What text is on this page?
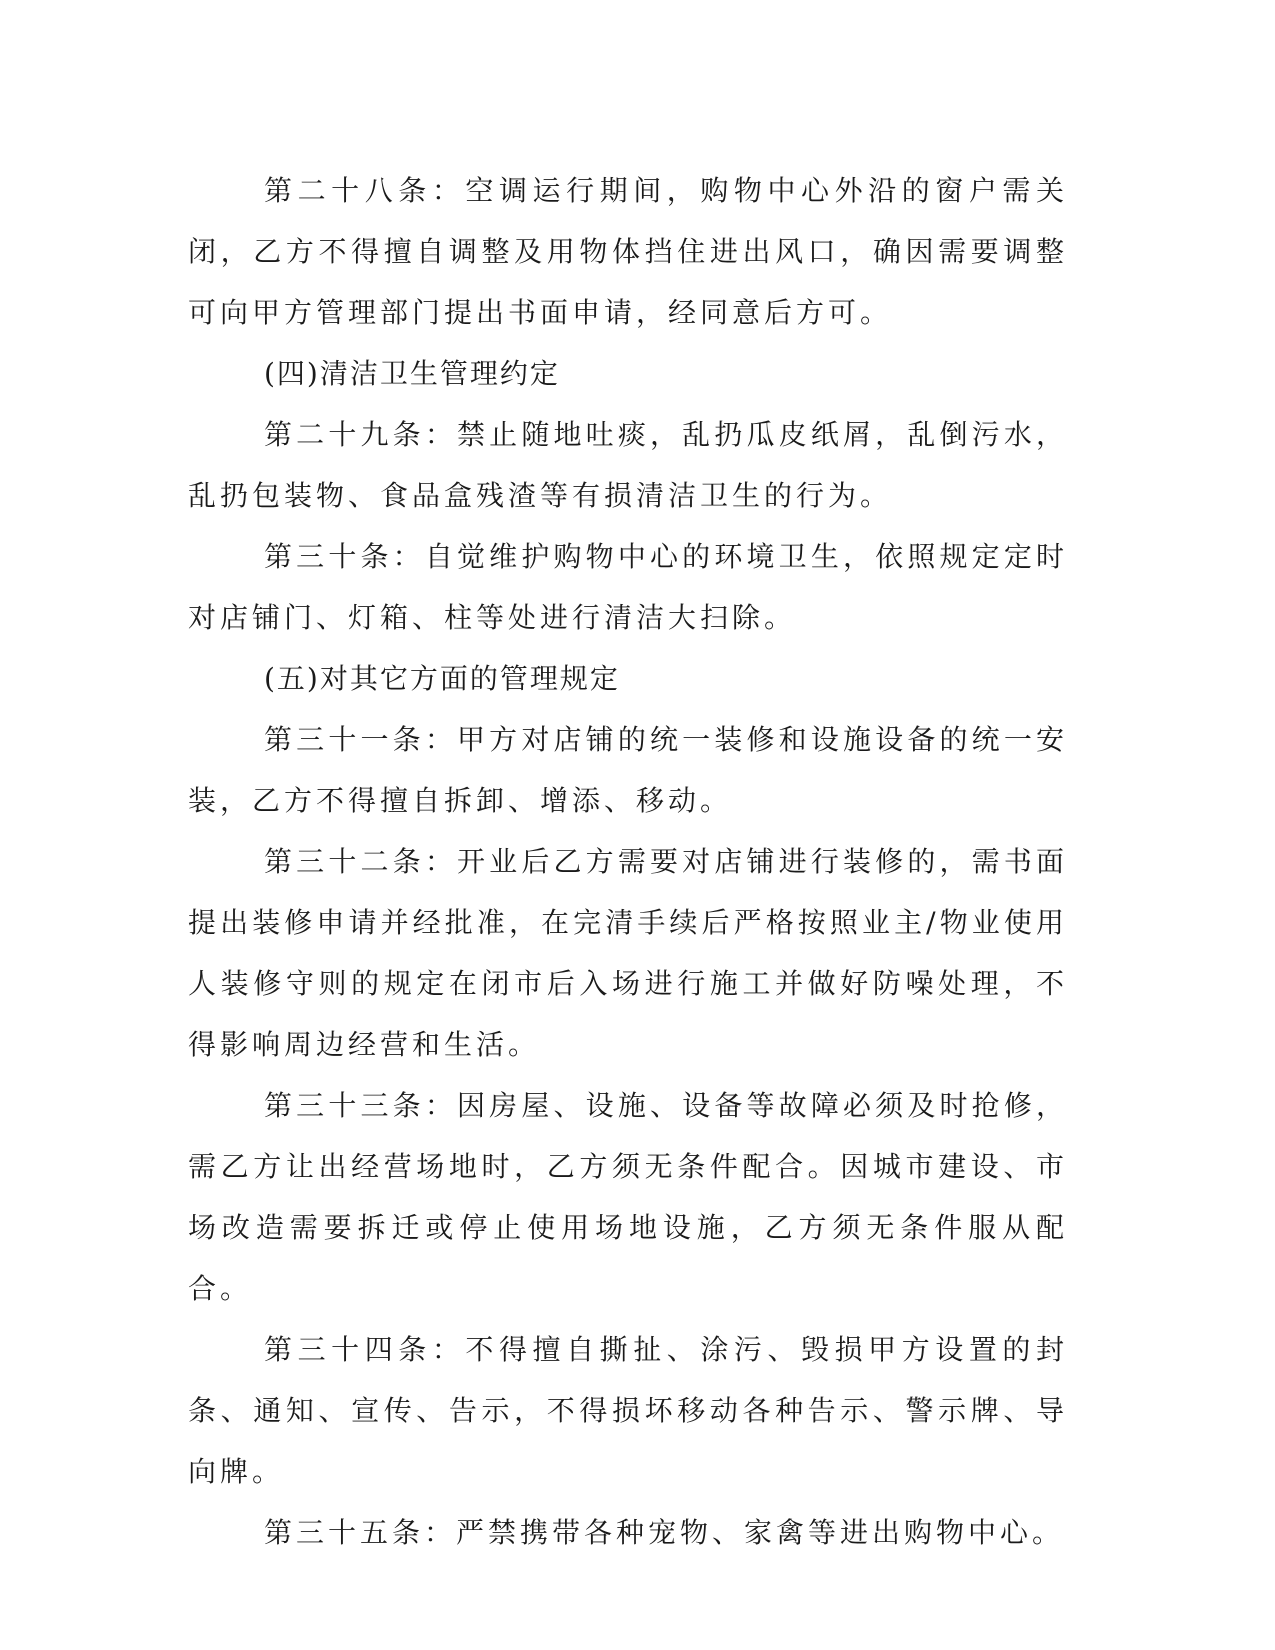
第二十八条：空调运行期间，购物中心外沿的窗户需关闭，乙方不得擅自调整及用物体挡住进出风口，确因需要调整可向甲方管理部门提出书面申请，经同意后方可。

(四)清洁卫生管理约定

第二十九条：禁止随地吐痰，乱扔瓜皮纸屑，乱倒污水，乱扔包装物、食品盒残渣等有损清洁卫生的行为。

第三十条：自觉维护购物中心的环境卫生，依照规定定时对店铺门、灯箱、柱等处进行清洁大扫除。

(五)对其它方面的管理规定

第三十一条：甲方对店铺的统一装修和设施设备的统一安装，乙方不得擅自拆卸、增添、移动。

第三十二条：开业后乙方需要对店铺进行装修的，需书面提出装修申请并经批准，在完清手续后严格按照业主/物业使用人装修守则的规定在闭市后入场进行施工并做好防噪处理，不得影响周边经营和生活。

第三十三条：因房屋、设施、设备等故障必须及时抢修，需乙方让出经营场地时，乙方须无条件配合。因城市建设、市场改造需要拆迁或停止使用场地设施，乙方须无条件服从配合。

第三十四条：不得擅自撕扯、涂污、毁损甲方设置的封条、通知、宣传、告示，不得损坏移动各种告示、警示牌、导向牌。

第三十五条：严禁携带各种宠物、家禽等进出购物中心。
